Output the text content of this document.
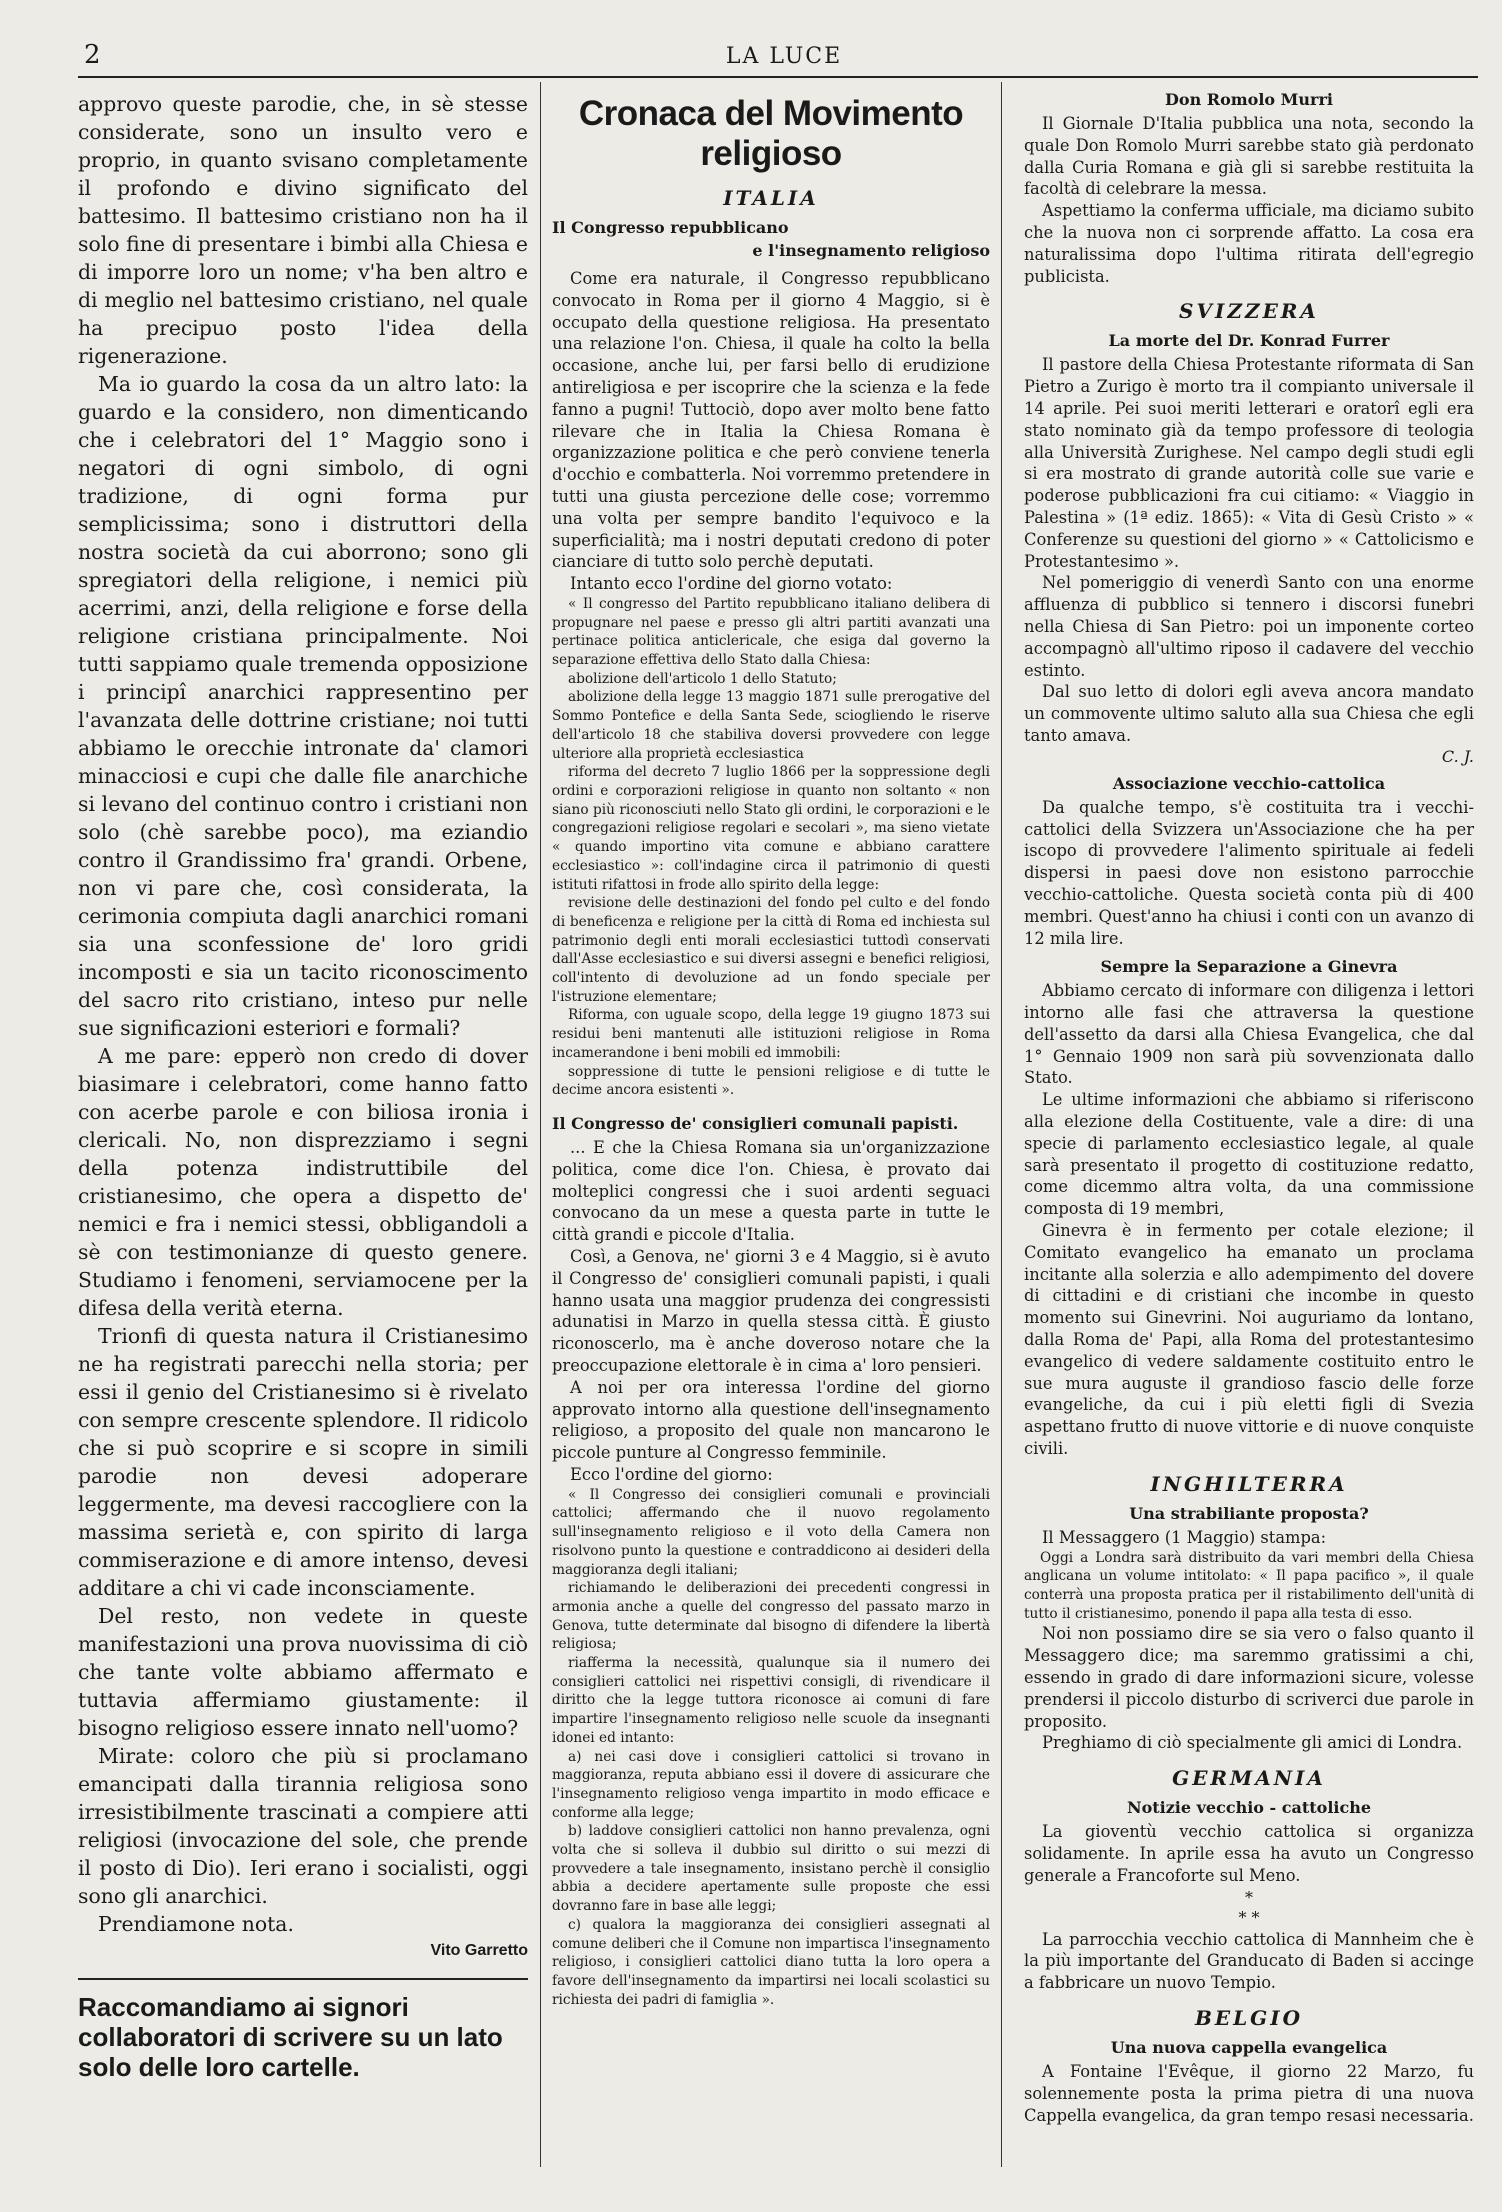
2	LA LUCE

approvo queste parodie, che, in sè stesse considerate, sono un insulto vero e proprio, in quanto svisano completamente il profondo e divino significato del battesimo. Il battesimo cristiano non ha il solo fine di presentare i bimbi alla Chiesa e di imporre loro un nome; v'ha ben altro e di meglio nel battesimo cristiano, nel quale ha precipuo posto l'idea della rigenerazione.

Ma io guardo la cosa da un altro lato: la guardo e la considero, non dimenticando che i celebratori del 1° Maggio sono i negatori di ogni simbolo, di ogni tradizione, di ogni forma pur semplicissima; sono i distruttori della nostra società da cui aborrono; sono gli spregiatori della religione, i nemici più acerrimi, anzi, della religione e forse della religione cristiana principalmente. Noi tutti sappiamo quale tremenda opposizione i principî anarchici rappresentino per l'avanzata delle dottrine cristiane; noi tutti abbiamo le orecchie intronate da' clamori minacciosi e cupi che dalle file anarchiche si levano del continuo contro i cristiani non solo (chè sarebbe poco), ma eziandio contro il Grandissimo fra' grandi. Orbene, non vi pare che, così considerata, la cerimonia compiuta dagli anarchici romani sia una sconfessione de' loro gridi incomposti e sia un tacito riconoscimento del sacro rito cristiano, inteso pur nelle sue significazioni esteriori e formali?

A me pare: epperò non credo di dover biasimare i celebratori, come hanno fatto con acerbe parole e con biliosa ironia i clericali. No, non disprezziamo i segni della potenza indistruttibile del cristianesimo, che opera a dispetto de' nemici e fra i nemici stessi, obbligandoli a sè con testimonianze di questo genere. Studiamo i fenomeni, serviamocene per la difesa della verità eterna.

Trionfi di questa natura il Cristianesimo ne ha registrati parecchi nella storia; per essi il genio del Cristianesimo si è rivelato con sempre crescente splendore. Il ridicolo che si può scoprire e si scopre in simili parodie non devesi adoperare leggermente, ma devesi raccogliere con la massima serietà e, con spirito di larga commiserazione e di amore intenso, devesi additare a chi vi cade inconsciamente.

Del resto, non vedete in queste manifestazioni una prova nuovissima di ciò che tante volte abbiamo affermato e tuttavia affermiamo giustamente: il bisogno religioso essere innato nell'uomo?

Mirate: coloro che più si proclamano emancipati dalla tirannia religiosa sono irresistibilmente trascinati a compiere atti religiosi (invocazione del sole, che prende il posto di Dio). Ieri erano i socialisti, oggi sono gli anarchici.

Prendiamone nota.

Vito Garretto

Raccomandiamo ai signori collaboratori di scrivere su un lato solo delle loro cartelle.
Cronaca del Movimento religioso
ITALIA
Il Congresso repubblicano
e l'insegnamento religioso

Come era naturale, il Congresso repubblicano convocato in Roma per il giorno 4 Maggio, si è occupato della questione religiosa. Ha presentato una relazione l'on. Chiesa, il quale ha colto la bella occasione, anche lui, per farsi bello di erudizione antireligiosa e per iscoprire che la scienza e la fede fanno a pugni! Tuttociò, dopo aver molto bene fatto rilevare che in Italia la Chiesa Romana è organizzazione politica e che però conviene tenerla d'occhio e combatterla. Noi vorremmo pretendere in tutti una giusta percezione delle cose; vorremmo una volta per sempre bandito l'equivoco e la superficialità; ma i nostri deputati credono di poter cianciare di tutto solo perchè deputati.

Intanto ecco l'ordine del giorno votato:

« Il congresso del Partito repubblicano italiano delibera di propugnare nel paese e presso gli altri partiti avanzati una pertinace politica anticlericale, che esiga dal governo la separazione effettiva dello Stato dalla Chiesa:

abolizione dell'articolo 1 dello Statuto;

abolizione della legge 13 maggio 1871 sulle prerogative del Sommo Pontefice e della Santa Sede, sciogliendo le riserve dell'articolo 18 che stabiliva doversi provvedere con legge ulteriore alla proprietà ecclesiastica

riforma del decreto 7 luglio 1866 per la soppressione degli ordini e corporazioni religiose in quanto non soltanto « non siano più riconosciuti nello Stato gli ordini, le corporazioni e le congregazioni religiose regolari e secolari », ma sieno vietate « quando importino vita comune e abbiano carattere ecclesiastico »: coll'indagine circa il patrimonio di questi istituti rifattosi in frode allo spirito della legge:

revisione delle destinazioni del fondo pel culto e del fondo di beneficenza e religione per la città di Roma ed inchiesta sul patrimonio degli enti morali ecclesiastici tuttodì conservati dall'Asse ecclesiastico e sui diversi assegni e benefici religiosi, coll'intento di devoluzione ad un fondo speciale per l'istruzione elementare;

Riforma, con uguale scopo, della legge 19 giugno 1873 sui residui beni mantenuti alle istituzioni religiose in Roma incamerandone i beni mobili ed immobili:

soppressione di tutte le pensioni religiose e di tutte le decime ancora esistenti ».

Il Congresso de' consiglieri comunali papisti.

... E che la Chiesa Romana sia un'organizzazione politica, come dice l'on. Chiesa, è provato dai molteplici congressi che i suoi ardenti seguaci convocano da un mese a questa parte in tutte le città grandi e piccole d'Italia.

Così, a Genova, ne' giorni 3 e 4 Maggio, si è avuto il Congresso de' consiglieri comunali papisti, i quali hanno usata una maggior prudenza dei congressisti adunatisi in Marzo in quella stessa città. È giusto riconoscerlo, ma è anche doveroso notare che la preoccupazione elettorale è in cima a' loro pensieri.

A noi per ora interessa l'ordine del giorno approvato intorno alla questione dell'insegnamento religioso, a proposito del quale non mancarono le piccole punture al Congresso femminile.

Ecco l'ordine del giorno:

« Il Congresso dei consiglieri comunali e provinciali cattolici; affermando che il nuovo regolamento sull'insegnamento religioso e il voto della Camera non risolvono punto la questione e contraddicono ai desideri della maggioranza degli italiani;

richiamando le deliberazioni dei precedenti congressi in armonia anche a quelle del congresso del passato marzo in Genova, tutte determinate dal bisogno di difendere la libertà religiosa;

riafferma la necessità, qualunque sia il numero dei consiglieri cattolici nei rispettivi consigli, di rivendicare il diritto che la legge tuttora riconosce ai comuni di fare impartire l'insegnamento religioso nelle scuole da insegnanti idonei ed intanto:

a) nei casi dove i consiglieri cattolici si trovano in maggioranza, reputa abbiano essi il dovere di assicurare che l'insegnamento religioso venga impartito in modo efficace e conforme alla legge;

b) laddove consiglieri cattolici non hanno prevalenza, ogni volta che si solleva il dubbio sul diritto o sui mezzi di provvedere a tale insegnamento, insistano perchè il consiglio abbia a decidere apertamente sulle proposte che essi dovranno fare in base alle leggi;

c) qualora la maggioranza dei consiglieri assegnati al comune deliberi che il Comune non impartisca l'insegnamento religioso, i consiglieri cattolici diano tutta la loro opera a favore dell'insegnamento da impartirsi nei locali scolastici su richiesta dei padri di famiglia ».

Don Romolo Murri

Il Giornale D'Italia pubblica una nota, secondo la quale Don Romolo Murri sarebbe stato già perdonato dalla Curia Romana e già gli si sarebbe restituita la facoltà di celebrare la messa.

Aspettiamo la conferma ufficiale, ma diciamo subito che la nuova non ci sorprende affatto. La cosa era naturalissima dopo l'ultima ritirata dell'egregio publicista.

SVIZZERA
La morte del Dr. Konrad Furrer

Il pastore della Chiesa Protestante riformata di San Pietro a Zurigo è morto tra il compianto universale il 14 aprile. Pei suoi meriti letterari e oratorî egli era stato nominato già da tempo professore di teologia alla Università Zurighese. Nel campo degli studi egli si era mostrato di grande autorità colle sue varie e poderose pubblicazioni fra cui citiamo: « Viaggio in Palestina » (1ª ediz. 1865): « Vita di Gesù Cristo » « Conferenze su questioni del giorno » « Cattolicismo e Protestantesimo ».

Nel pomeriggio di venerdì Santo con una enorme affluenza di pubblico si tennero i discorsi funebri nella Chiesa di San Pietro: poi un imponente corteo accompagnò all'ultimo riposo il cadavere del vecchio estinto.

Dal suo letto di dolori egli aveva ancora mandato un commovente ultimo saluto alla sua Chiesa che egli tanto amava.

C. J.

Associazione vecchio-cattolica

Da qualche tempo, s'è costituita tra i vecchi-cattolici della Svizzera un'Associazione che ha per iscopo di provvedere l'alimento spirituale ai fedeli dispersi in paesi dove non esistono parrocchie vecchio-cattoliche. Questa società conta più di 400 membri. Quest'anno ha chiusi i conti con un avanzo di 12 mila lire.

Sempre la Separazione a Ginevra

Abbiamo cercato di informare con diligenza i lettori intorno alle fasi che attraversa la questione dell'assetto da darsi alla Chiesa Evangelica, che dal 1° Gennaio 1909 non sarà più sovvenzionata dallo Stato.

Le ultime informazioni che abbiamo si riferiscono alla elezione della Costituente, vale a dire: di una specie di parlamento ecclesiastico legale, al quale sarà presentato il progetto di costituzione redatto, come dicemmo altra volta, da una commissione composta di 19 membri,

Ginevra è in fermento per cotale elezione; il Comitato evangelico ha emanato un proclama incitante alla solerzia e allo adempimento del dovere di cittadini e di cristiani che incombe in questo momento sui Ginevrini. Noi auguriamo da lontano, dalla Roma de' Papi, alla Roma del protestantesimo evangelico di vedere saldamente costituito entro le sue mura auguste il grandioso fascio delle forze evangeliche, da cui i più eletti figli di Svezia aspettano frutto di nuove vittorie e di nuove conquiste civili.

INGHILTERRA
Una strabiliante proposta?

Il Messaggero (1 Maggio) stampa:

Oggi a Londra sarà distribuito da vari membri della Chiesa anglicana un volume intitolato: « Il papa pacifico », il quale conterrà una proposta pratica per il ristabilimento dell'unità di tutto il cristianesimo, ponendo il papa alla testa di esso.

Noi non possiamo dire se sia vero o falso quanto il Messaggero dice; ma saremmo gratissimi a chi, essendo in grado di dare informazioni sicure, volesse prendersi il piccolo disturbo di scriverci due parole in proposito.

Preghiamo di ciò specialmente gli amici di Londra.

GERMANIA
Notizie vecchio - cattoliche

La gioventù vecchio cattolica si organizza solidamente. In aprile essa ha avuto un Congresso generale a Francoforte sul Meno.

*
* *

La parrocchia vecchio cattolica di Mannheim che è la più importante del Granducato di Baden si accinge a fabbricare un nuovo Tempio.

BELGIO
Una nuova cappella evangelica

A Fontaine l'Evêque, il giorno 22 Marzo, fu solennemente posta la prima pietra di una nuova Cappella evangelica, da gran tempo resasi necessaria.
